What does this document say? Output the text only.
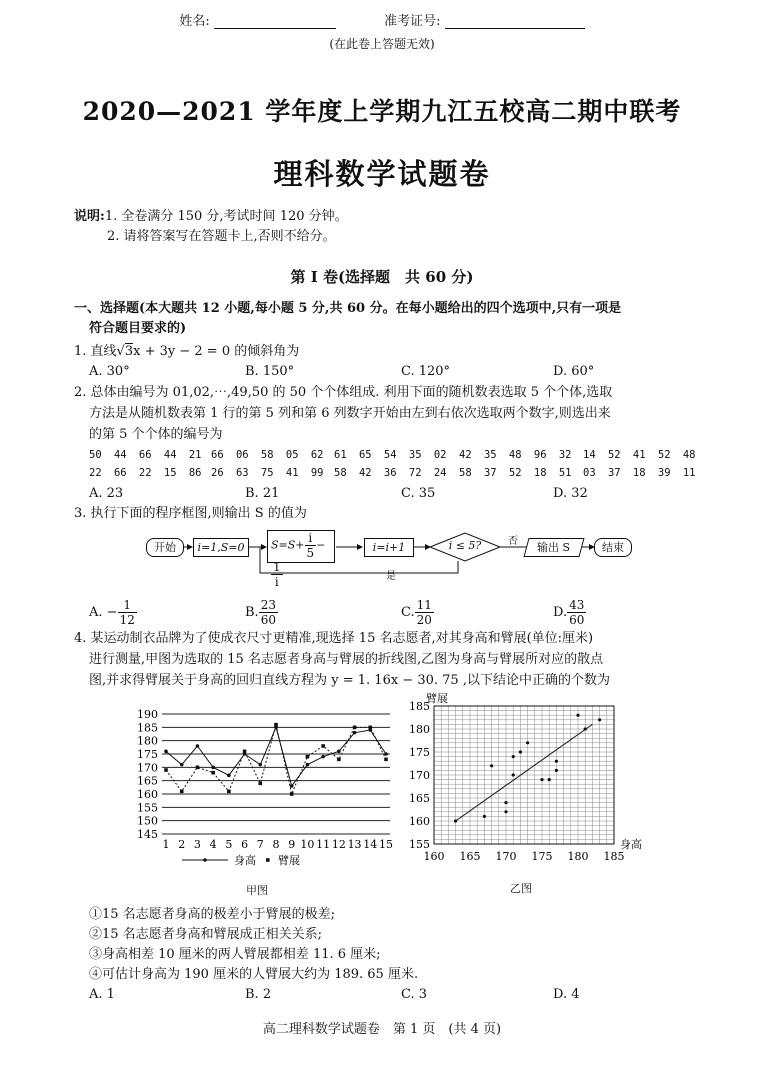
姓名:	准考证号:
(在此卷上答题无效)
2020—2021 学年度上学期九江五校高二期中联考
理科数学试题卷
说明:1. 全卷满分 150 分,考试时间 120 分钟。
2. 请将答案写在答题卡上,否则不给分。
第 I 卷(选择题　共 60 分)
一、选择题(本大题共 12 小题,每小题 5 分,共 60 分。在每小题给出的四个选项中,只有一项是
符合题目要求的)
1. 直线√3x + 3y − 2 = 0 的倾斜角为
A. 30°	B. 150°	C. 120°	D. 60°
2. 总体由编号为 01,02,⋯,49,50 的 50 个个体组成. 利用下面的随机数表选取 5 个个体,选取
方法是从随机数表第 1 行的第 5 列和第 6 列数字开始由左到右依次选取两个数字,则选出来
的第 5 个个体的编号为
50 44 66 44 21 66 06 58 05 62 61 65 54 35 02 42 35 48 96 32 14 52 41 52 48
22 66 22 15 86 26 63 75 41 99 58 42 36 72 24 58 37 52 18 51 03 37 18 39 11
A. 23	B. 21	C. 35	D. 32
3. 执行下面的程序框图,则输出 S 的值为
开始	i=1,S=0	$S=S+ \frac{i}{5}$ −
$\frac{1}{i}$
i=i+1	i ≤ 5?	否	输出 S	结束
是
A. − $\frac{1}{12}$	B. $\frac{23}{60}$	C. $\frac{11}{20}$	D. $\frac{43}{60}$
4. 某运动制衣品牌为了使成衣尺寸更精准,现选择 15 名志愿者,对其身高和臂展(单位:厘米)
进行测量,甲图为选取的 15 名志愿者身高与臂展的折线图,乙图为身高与臂展所对应的散点
图,并求得臂展关于身高的回归直线方程为 y = 1. 16x − 30. 75 ,以下结论中正确的个数为
145
150
155
160
165
170
175
180
185
190
1 2 3 4 5 6 7 8 9 10 11 12 13 14 15
身高 臂展
甲图
160 165 170 175 180 185
155
160
165
170
175
180
185
臂展
身高
乙图
①15 名志愿者身高的极差小于臂展的极差;
②15 名志愿者身高和臂展成正相关关系;
③身高相差 10 厘米的两人臂展都相差 11. 6 厘米;
④可估计身高为 190 厘米的人臂展大约为 189. 65 厘米.
A. 1	B. 2	C. 3	D. 4
高二理科数学试题卷　第 1 页　(共 4 页)
